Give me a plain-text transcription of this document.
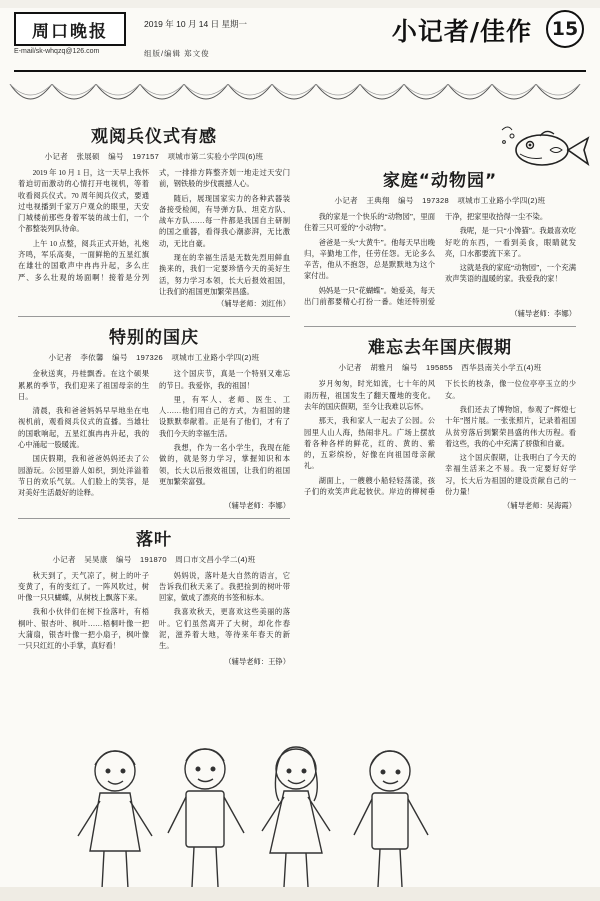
周口晚报
E-mail/sk-whqzq@126.com
2019 年 10 月 14 日 星期一
组版/编辑 郑文俊
小记者/佳作	15
观阅兵仪式有感
小记者 张展硕 编号 197157 项城市第二实验小学四(6)班

2019 年 10 月 1 日，这一天早上我怀着迫切而激动的心情打开电视机，等着收看阅兵仪式。70 周年阅兵仪式，要通过电视播到千家万户观众的眼里，天安门城楼前那些身着军装的战士们，一个个都整装列队待命。

上午 10 点整，阅兵正式开始，礼炮齐鸣，军乐高奏，一面鲜艳的五星红旗在雄壮的国歌声中冉冉升起，多么庄严、多么壮观的场面啊！接着是分列式，一排排方阵整齐划一地走过天安门前，钢铁般的步伐震撼人心。

随后，展现国家实力的各种武器装备接受检阅，有导弹方队、坦克方队、战车方队……每一件都是我国自主研制的国之重器，看得我心潮澎湃，无比激动，无比自豪。

现在的幸福生活是无数先烈用鲜血换来的，我们一定要珍惜今天的美好生活，努力学习本领，长大后报效祖国，让我们的祖国更加繁荣昌盛。

（辅导老师：刘红伟）
特别的国庆
小记者 李依馨 编号 197326 项城市工业路小学四(2)班

金秋送爽，丹桂飘香。在这个硕果累累的季节，我们迎来了祖国母亲的生日。

清晨，我和爸爸妈妈早早地坐在电视机前，观看阅兵仪式的直播。当雄壮的国歌响起，五星红旗冉冉升起，我的心中涌起一股暖流。

国庆假期，我和爸爸妈妈还去了公园游玩。公园里游人如织，到处洋溢着节日的欢乐气氛。人们脸上的笑容，是对美好生活最好的诠释。

这个国庆节，真是一个特别又难忘的节日。我爱你，我的祖国！

里，有军人、老师、医生、工人……他们用自己的方式，为祖国的建设默默奉献着。正是有了他们，才有了我们今天的幸福生活。

我想，作为一名小学生，我现在能做的，就是努力学习，掌握知识和本领，长大以后报效祖国，让我们的祖国更加繁荣富强。

（辅导老师：李娜）
落叶
小记者 吴昊康 编号 191870 周口市文昌小学二(4)班

秋天到了，天气凉了，树上的叶子变黄了，有的变红了。一阵风吹过，树叶像一只只蝴蝶，从树枝上飘落下来。

我和小伙伴们在树下捡落叶，有梧桐叶、银杏叶、枫叶……梧桐叶像一把大蒲扇，银杏叶像一把小扇子，枫叶像一只只红红的小手掌，真好看！

妈妈说，落叶是大自然的语言，它告诉我们秋天来了。我把捡到的树叶带回家，做成了漂亮的书签和标本。

我喜欢秋天，更喜欢这些美丽的落叶。它们虽然离开了大树，却化作春泥，滋养着大地，等待来年春天的新生。

（辅导老师：王铮）
家庭“动物园”
小记者 王典翔 编号 197328 项城市工业路小学四(2)班

我的家是一个快乐的“动物园”，里面住着三只可爱的“小动物”。

爸爸是一头“大黄牛”。他每天早出晚归，辛勤地工作，任劳任怨。无论多么辛苦，他从不抱怨，总是默默地为这个家付出。

妈妈是一只“花蝴蝶”。她爱美，每天出门前都要精心打扮一番。她还特别爱干净，把家里收拾得一尘不染。

我呢，是一只“小馋猫”。我最喜欢吃好吃的东西，一看到美食，眼睛就发亮，口水都要流下来了。

这就是我的家庭“动物园”，一个充满欢声笑语的温暖的家。我爱我的家！

（辅导老师：李娜）
难忘去年国庆假期
小记者 胡雅月 编号 195855 西华县南关小学五(4)班

岁月匆匆，时光如流，七十年的风雨历程，祖国发生了翻天覆地的变化。去年的国庆假期，至今让我难以忘怀。

那天，我和家人一起去了公园。公园里人山人海，热闹非凡。广场上摆放着各种各样的鲜花，红的、黄的、紫的，五彩缤纷，好像在向祖国母亲献礼。

湖面上，一艘艘小船轻轻荡漾，孩子们的欢笑声此起彼伏。岸边的柳树垂下长长的枝条，像一位位亭亭玉立的少女。

我们还去了博物馆，参观了“辉煌七十年”图片展。一张张照片，记录着祖国从贫穷落后到繁荣昌盛的伟大历程。看着这些，我的心中充满了骄傲和自豪。

这个国庆假期，让我明白了今天的幸福生活来之不易。我一定要好好学习，长大后为祖国的建设贡献自己的一份力量！

（辅导老师：吴海霞）
